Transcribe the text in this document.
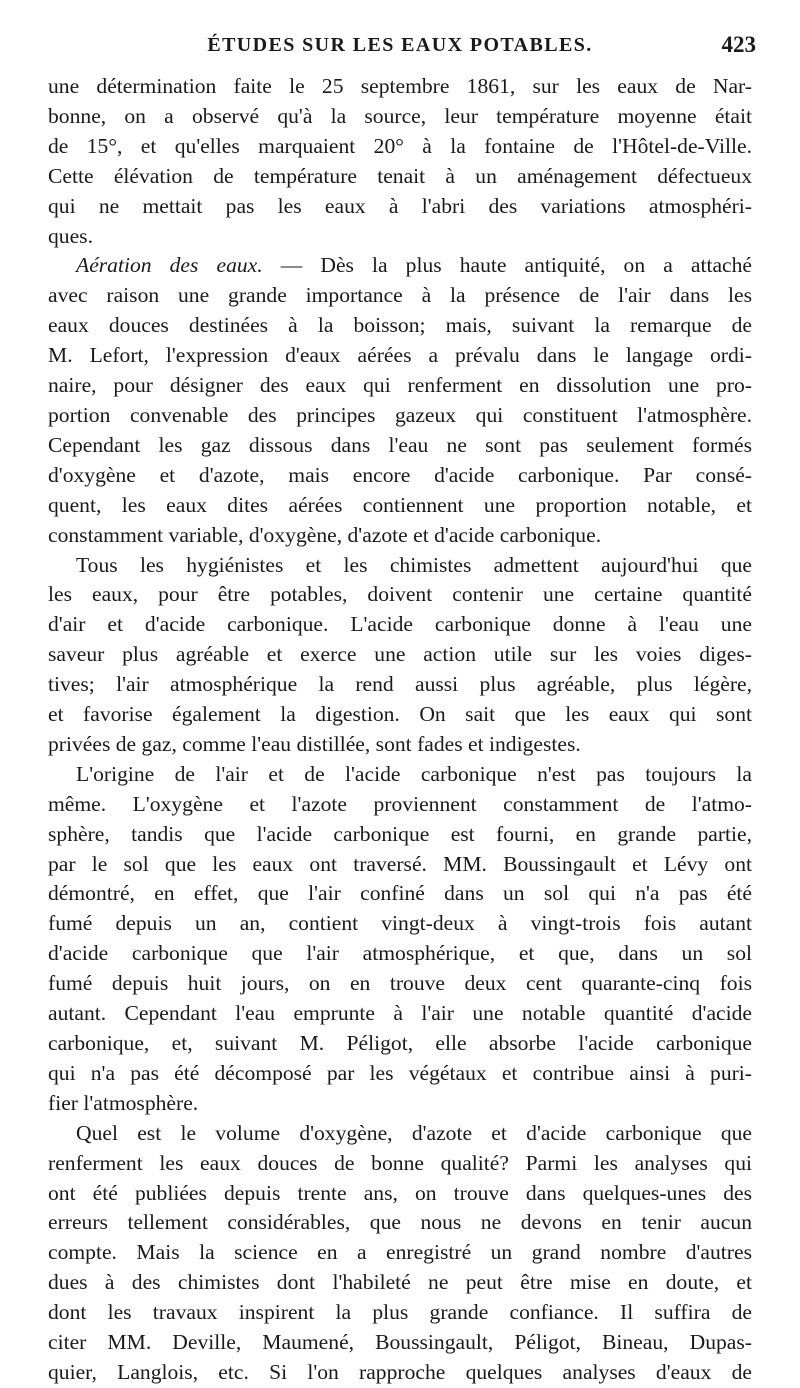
ÉTUDES SUR LES EAUX POTABLES.	423

une détermination faite le 25 septembre 1861, sur les eaux de Nar-
bonne, on a observé qu'à la source, leur température moyenne était
de 15°, et qu'elles marquaient 20° à la fontaine de l'Hôtel-de-Ville.
Cette élévation de température tenait à un aménagement défectueux
qui ne mettait pas les eaux à l'abri des variations atmosphéri-
ques.

Aération des eaux. — Dès la plus haute antiquité, on a attaché
avec raison une grande importance à la présence de l'air dans les
eaux douces destinées à la boisson; mais, suivant la remarque de
M. Lefort, l'expression d'eaux aérées a prévalu dans le langage ordi-
naire, pour désigner des eaux qui renferment en dissolution une pro-
portion convenable des principes gazeux qui constituent l'atmosphère.
Cependant les gaz dissous dans l'eau ne sont pas seulement formés
d'oxygène et d'azote, mais encore d'acide carbonique. Par consé-
quent, les eaux dites aérées contiennent une proportion notable, et
constamment variable, d'oxygène, d'azote et d'acide carbonique.

Tous les hygiénistes et les chimistes admettent aujourd'hui que
les eaux, pour être potables, doivent contenir une certaine quantité
d'air et d'acide carbonique. L'acide carbonique donne à l'eau une
saveur plus agréable et exerce une action utile sur les voies diges-
tives; l'air atmosphérique la rend aussi plus agréable, plus légère,
et favorise également la digestion. On sait que les eaux qui sont
privées de gaz, comme l'eau distillée, sont fades et indigestes.

L'origine de l'air et de l'acide carbonique n'est pas toujours la
même. L'oxygène et l'azote proviennent constamment de l'atmo-
sphère, tandis que l'acide carbonique est fourni, en grande partie,
par le sol que les eaux ont traversé. MM. Boussingault et Lévy ont
démontré, en effet, que l'air confiné dans un sol qui n'a pas été
fumé depuis un an, contient vingt-deux à vingt-trois fois autant
d'acide carbonique que l'air atmosphérique, et que, dans un sol
fumé depuis huit jours, on en trouve deux cent quarante-cinq fois
autant. Cependant l'eau emprunte à l'air une notable quantité d'acide
carbonique, et, suivant M. Péligot, elle absorbe l'acide carbonique
qui n'a pas été décomposé par les végétaux et contribue ainsi à puri-
fier l'atmosphère.

Quel est le volume d'oxygène, d'azote et d'acide carbonique que
renferment les eaux douces de bonne qualité? Parmi les analyses qui
ont été publiées depuis trente ans, on trouve dans quelques-unes des
erreurs tellement considérables, que nous ne devons en tenir aucun
compte. Mais la science en a enregistré un grand nombre d'autres
dues à des chimistes dont l'habileté ne peut être mise en doute, et
dont les travaux inspirent la plus grande confiance. Il suffira de
citer MM. Deville, Maumené, Boussingault, Péligot, Bineau, Dupas-
quier, Langlois, etc. Si l'on rapproche quelques analyses d'eaux de
